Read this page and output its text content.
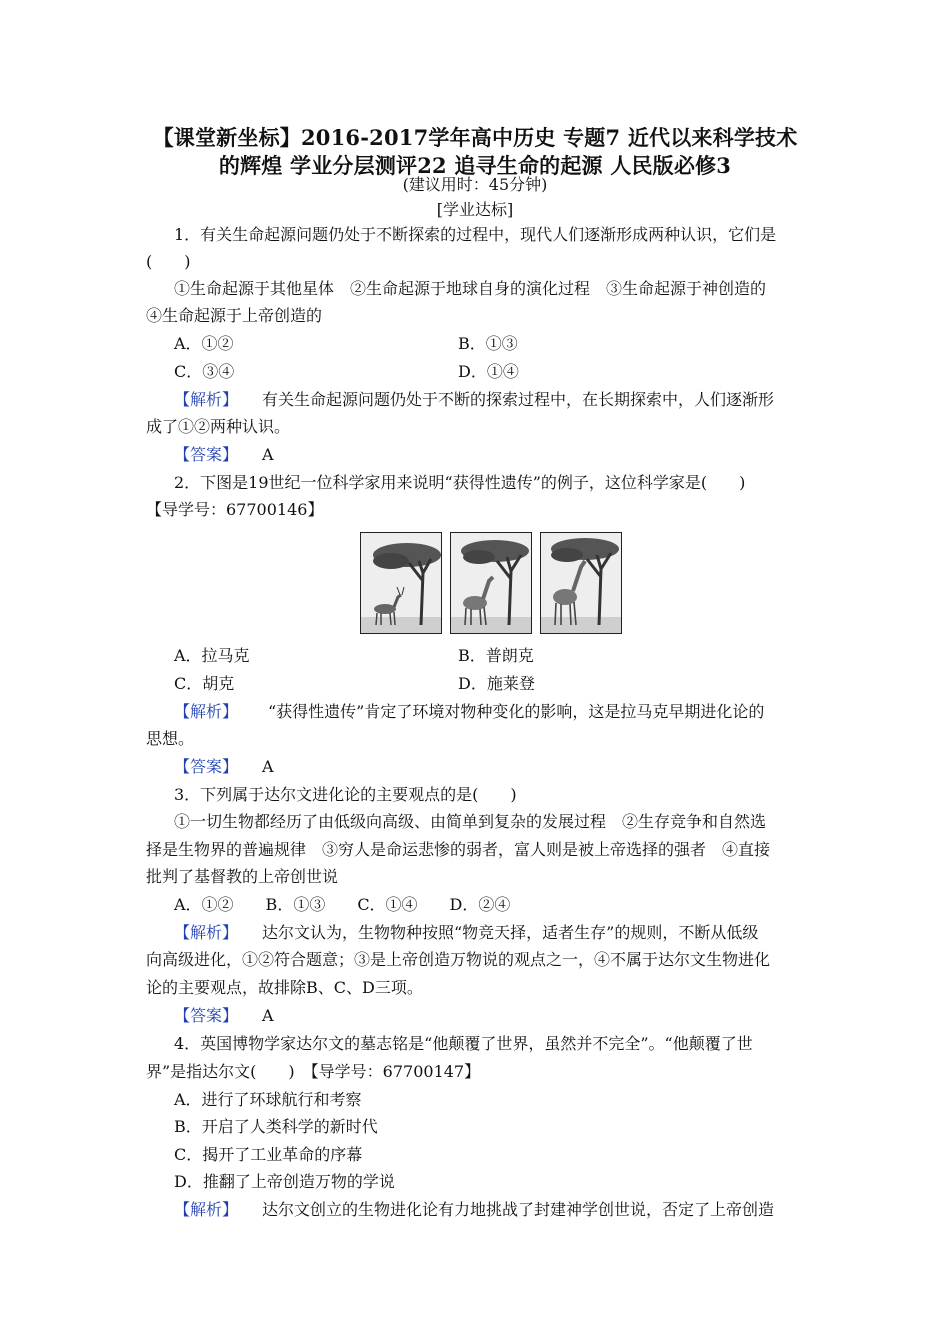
【课堂新坐标】2016-2017学年高中历史 专题7 近代以来科学技术
的辉煌 学业分层测评22 追寻生命的起源 人民版必修3
(建议用时：45分钟)
[学业达标]
1．有关生命起源问题仍处于不断探索的过程中，现代人们逐渐形成两种认识，它们是
(　　)
①生命起源于其他星体　②生命起源于地球自身的演化过程　③生命起源于神创造的
④生命起源于上帝创造的
A．①②	B．①③
C．③④	D．①④
【解析】 有关生命起源问题仍处于不断的探索过程中，在长期探索中，人们逐渐形
成了①②两种认识。
【答案】 A
2．下图是19世纪一位科学家用来说明“获得性遗传”的例子，这位科学家是(　　)
【导学号：67700146】
A．拉马克	B．普朗克
C．胡克	D．施莱登
【解析】 “获得性遗传”肯定了环境对物种变化的影响，这是拉马克早期进化论的
思想。
【答案】 A
3．下列属于达尔文进化论的主要观点的是(　　)
①一切生物都经历了由低级向高级、由简单到复杂的发展过程　②生存竞争和自然选
择是生物界的普遍规律　③穷人是命运悲惨的弱者，富人则是被上帝选择的强者　④直接
批判了基督教的上帝创世说
A．①②　　B．①③　　C．①④　　D．②④
【解析】 达尔文认为，生物物种按照“物竞天择，适者生存”的规则，不断从低级
向高级进化，①②符合题意；③是上帝创造万物说的观点之一，④不属于达尔文生物进化
论的主要观点，故排除B、C、D三项。
【答案】 A
4．英国博物学家达尔文的墓志铭是“他颠覆了世界，虽然并不完全”。“他颠覆了世
界”是指达尔文(　　)　【导学号：67700147】
A．进行了环球航行和考察
B．开启了人类科学的新时代
C．揭开了工业革命的序幕
D．推翻了上帝创造万物的学说
【解析】 达尔文创立的生物进化论有力地挑战了封建神学创世说，否定了上帝创造
